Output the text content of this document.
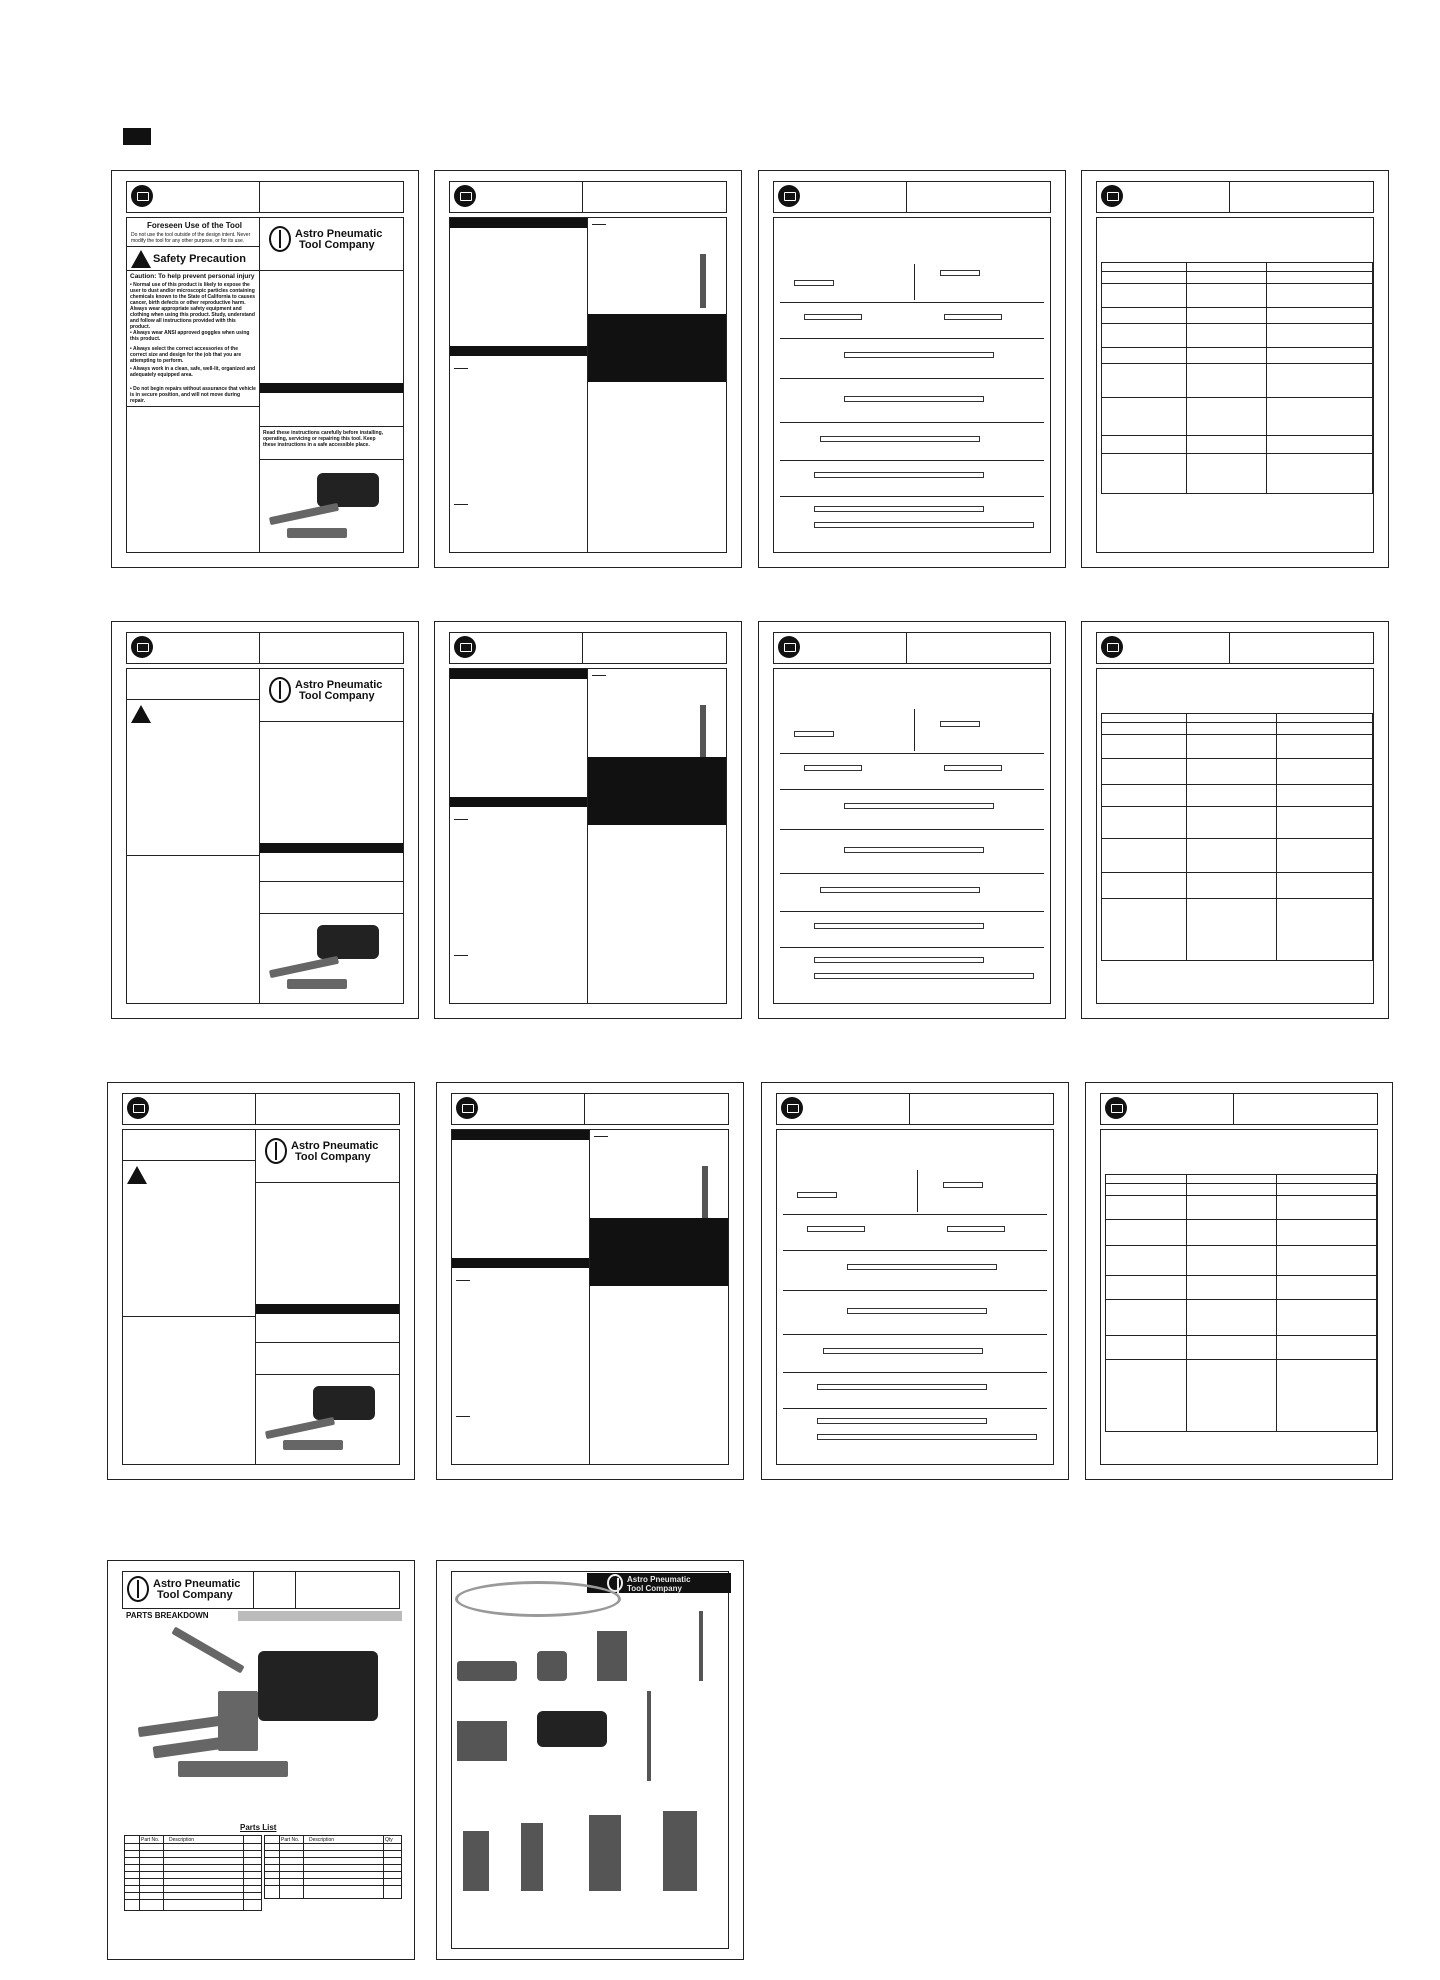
Foreseen Use of the Tool
Do not use the tool outside of the design intent. Never modify the tool for any other purpose, or for its use.
Safety Precaution
Caution: To help prevent personal injury
• Normal use of this product is likely to expose the user to dust and/or microscopic particles containing chemicals known to the State of California to causes cancer, birth defects or other reproductive harm. Always wear appropriate safety equipment and clothing when using this product. Study, understand and follow all instructions provided with this product.
• Always wear ANSI approved goggles when using this product.
• Always select the correct accessories of the correct size and design for the job that you are attempting to perform.
• Always work in a clean, safe, well-lit, organized and adequately equipped area.
• Do not begin repairs without assurance that vehicle is in secure position, and will not move during repair.
Astro Pneumatic
Tool Company
Read these instructions carefully before installing, operating, servicing or repairing this tool. Keep these instructions in a safe accessible place.
Astro Pneumatic
Tool Company
Astro Pneumatic
Tool Company
Astro Pneumatic
Tool Company
PARTS BREAKDOWN
Parts List
Part No. Description	Part No. Description	Qty
Astro Pneumatic
Tool Company
